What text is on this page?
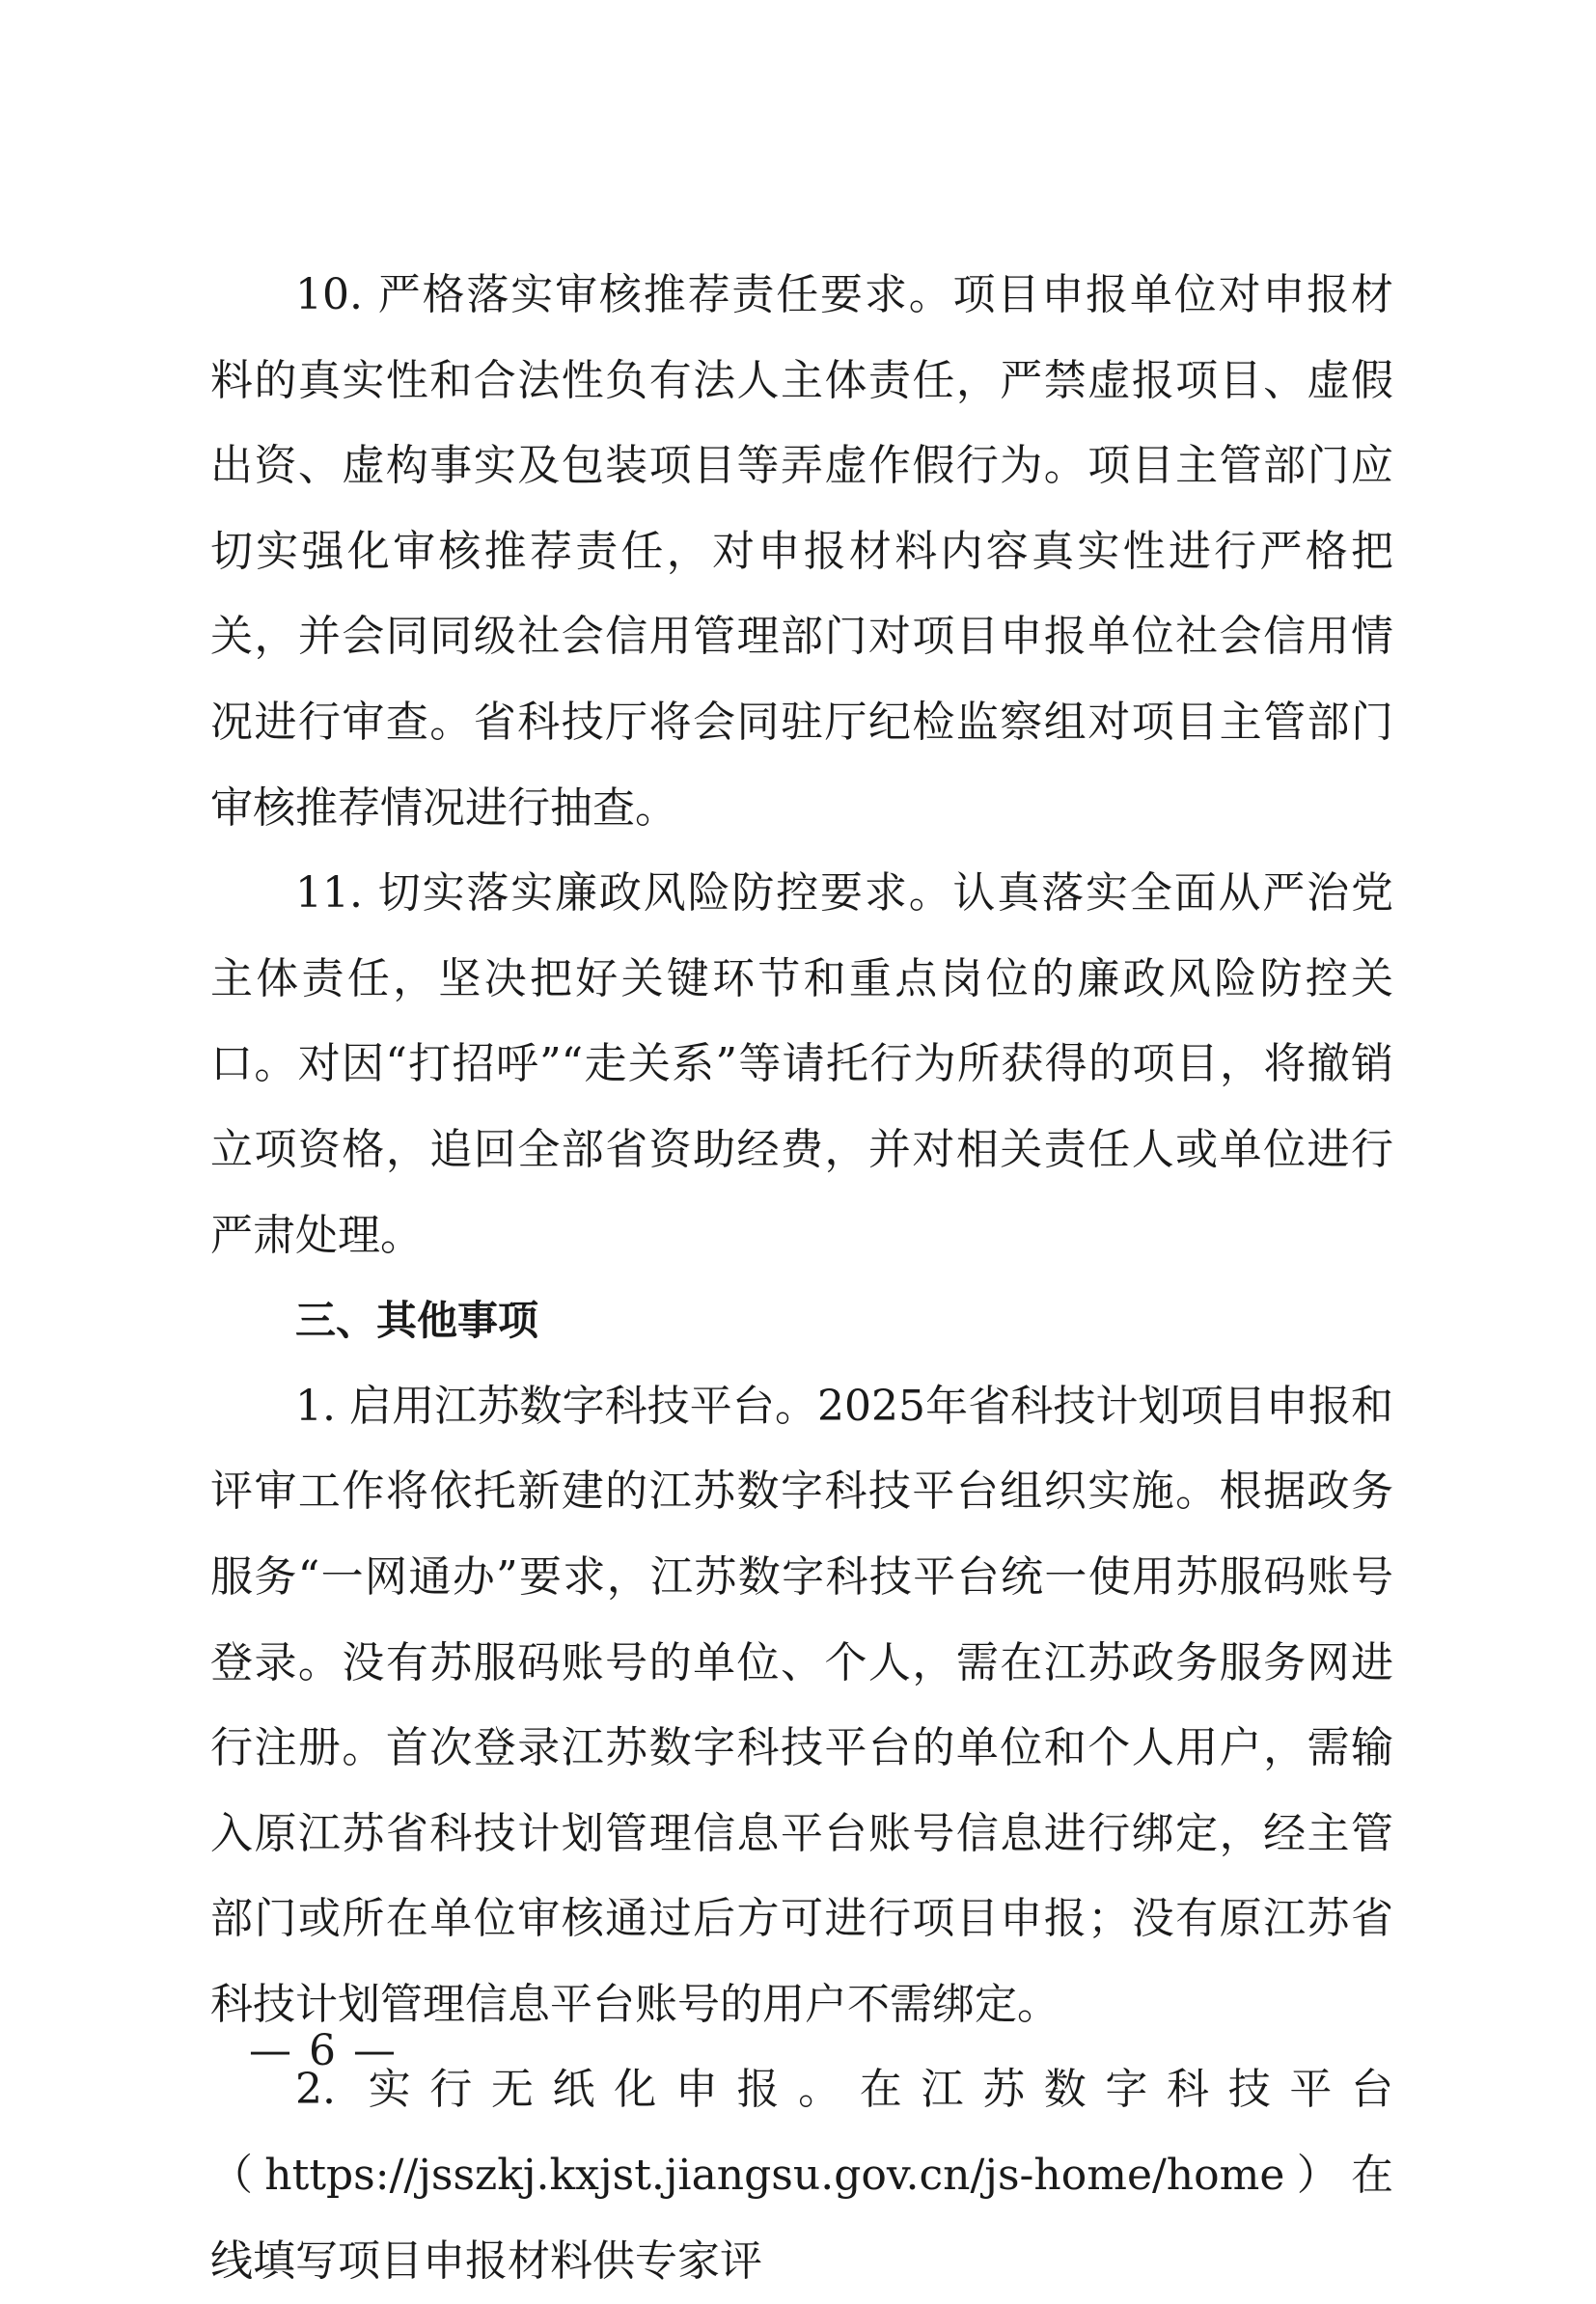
10. 严格落实审核推荐责任要求。项目申报单位对申报材料的真实性和合法性负有法人主体责任，严禁虚报项目、虚假出资、虚构事实及包装项目等弄虚作假行为。项目主管部门应切实强化审核推荐责任，对申报材料内容真实性进行严格把关，并会同同级社会信用管理部门对项目申报单位社会信用情况进行审查。省科技厅将会同驻厅纪检监察组对项目主管部门审核推荐情况进行抽查。

11. 切实落实廉政风险防控要求。认真落实全面从严治党主体责任，坚决把好关键环节和重点岗位的廉政风险防控关口。对因“打招呼”“走关系”等请托行为所获得的项目，将撤销立项资格，追回全部省资助经费，并对相关责任人或单位进行严肃处理。

三、其他事项

1. 启用江苏数字科技平台。2025年省科技计划项目申报和评审工作将依托新建的江苏数字科技平台组织实施。根据政务服务“一网通办”要求，江苏数字科技平台统一使用苏服码账号登录。没有苏服码账号的单位、个人，需在江苏政务服务网进行注册。首次登录江苏数字科技平台的单位和个人用户，需输入原江苏省科技计划管理信息平台账号信息进行绑定，经主管部门或所在单位审核通过后方可进行项目申报；没有原江苏省科技计划管理信息平台账号的用户不需绑定。

2. 实行无纸化申报。在江苏数字科技平台（https://jsszkj.kxjst.jiangsu.gov.cn/js-home/home）在线填写项目申报材料供专家评

— 6 —
